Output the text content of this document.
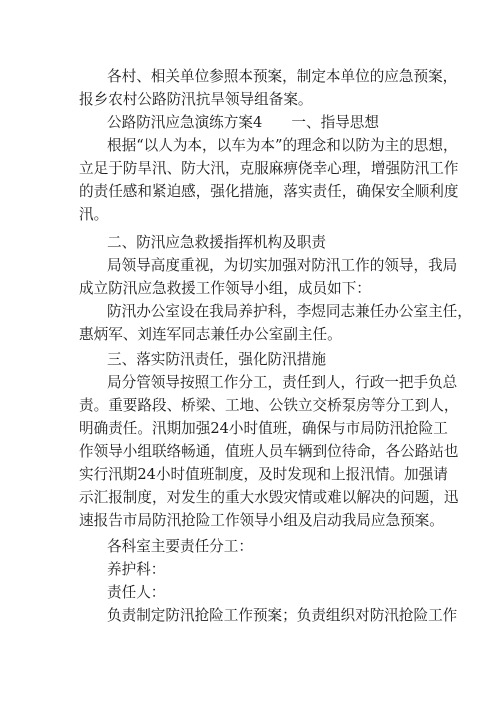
各村、相关单位参照本预案，制定本单位的应急预案，
报乡农村公路防汛抗旱领导组备案。
公路防汛应急演练方案4　　一、指导思想
根据“以人为本，以车为本”的理念和以防为主的思想，
立足于防旱汛、防大汛，克服麻痹侥幸心理，增强防汛工作
的责任感和紧迫感，强化措施，落实责任，确保安全顺利度
汛。
二、防汛应急救援指挥机构及职责
局领导高度重视，为切实加强对防汛工作的领导，我局
成立防汛应急救援工作领导小组，成员如下：
防汛办公室设在我局养护科，李煜同志兼任办公室主任，
惠炳军、刘连军同志兼任办公室副主任。
三、落实防汛责任，强化防汛措施
局分管领导按照工作分工，责任到人，行政一把手负总
责。重要路段、桥梁、工地、公铁立交桥泵房等分工到人，
明确责任。汛期加强24小时值班，确保与市局防汛抢险工
作领导小组联络畅通，值班人员车辆到位待命，各公路站也
实行汛期24小时值班制度，及时发现和上报汛情。加强请
示汇报制度，对发生的重大水毁灾情或难以解决的问题，迅
速报告市局防汛抢险工作领导小组及启动我局应急预案。
各科室主要责任分工：
养护科：
责任人：
负责制定防汛抢险工作预案；负责组织对防汛抢险工作
